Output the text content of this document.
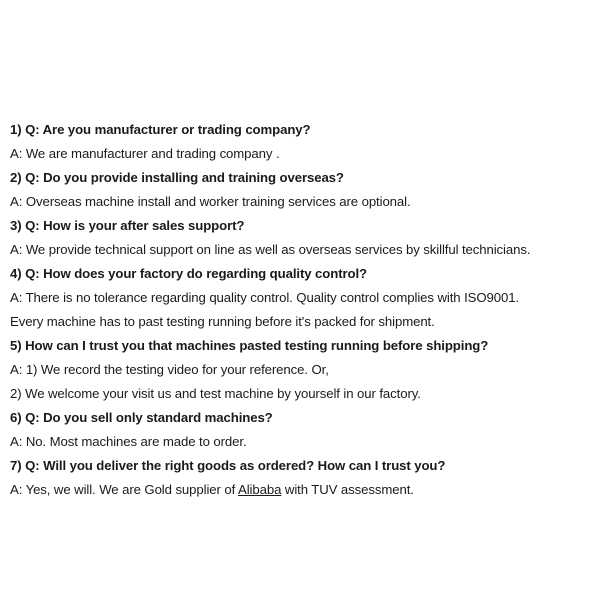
1) Q: Are you manufacturer or trading company?
A: We are manufacturer and trading company .
2) Q: Do you provide installing and training overseas?
A: Overseas machine install and worker training services are optional.
3) Q: How is your after sales support?
A: We provide technical support on line as well as overseas services by skillful technicians.
4) Q: How does your factory do regarding quality control?
A: There is no tolerance regarding quality control. Quality control complies with ISO9001.
Every machine has to past testing running before it's packed for shipment.
5) How can I trust you that machines pasted testing running before shipping?
A: 1) We record the testing video for your reference. Or,
2) We welcome your visit us and test machine by yourself in our factory.
6) Q: Do you sell only standard machines?
A: No. Most machines are made to order.
7) Q: Will you deliver the right goods as ordered? How can I trust you?
A: Yes, we will. We are Gold supplier of Alibaba with TUV assessment.
